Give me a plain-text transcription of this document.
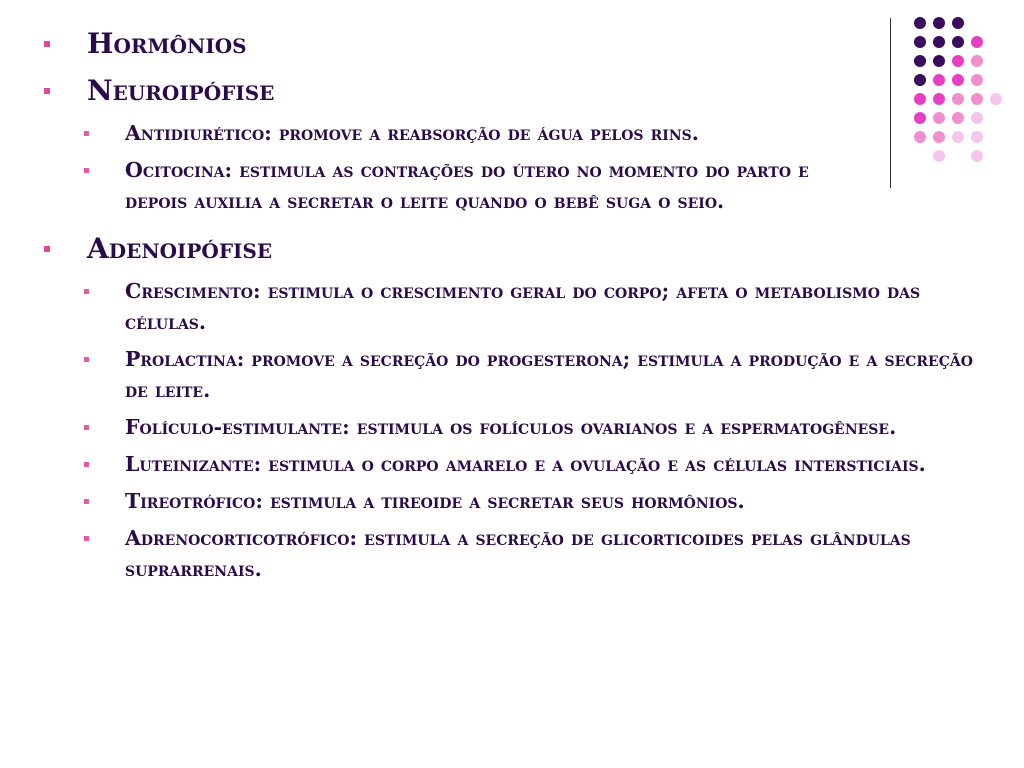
Hormônios
Neuroipófise
Antidiurético: promove a reabsorção de água pelos rins.
Ocitocina: estimula as contrações do útero no momento do parto e depois auxilia a secretar o leite quando o bebê suga o seio.
Adenoipófise
Crescimento: estimula o crescimento geral do corpo; afeta o metabolismo das células.
Prolactina: promove a secreção do progesterona; estimula a produção e a secreção de leite.
Folículo-estimulante: estimula os folículos ovarianos e a espermatogênese.
Luteinizante: estimula o corpo amarelo e a ovulação e as células intersticiais.
Tireotrófico: estimula a tireoide a secretar seus hormônios.
Adrenocorticotrófico: estimula a secreção de glicorticoides pelas glândulas suprarrenais.
